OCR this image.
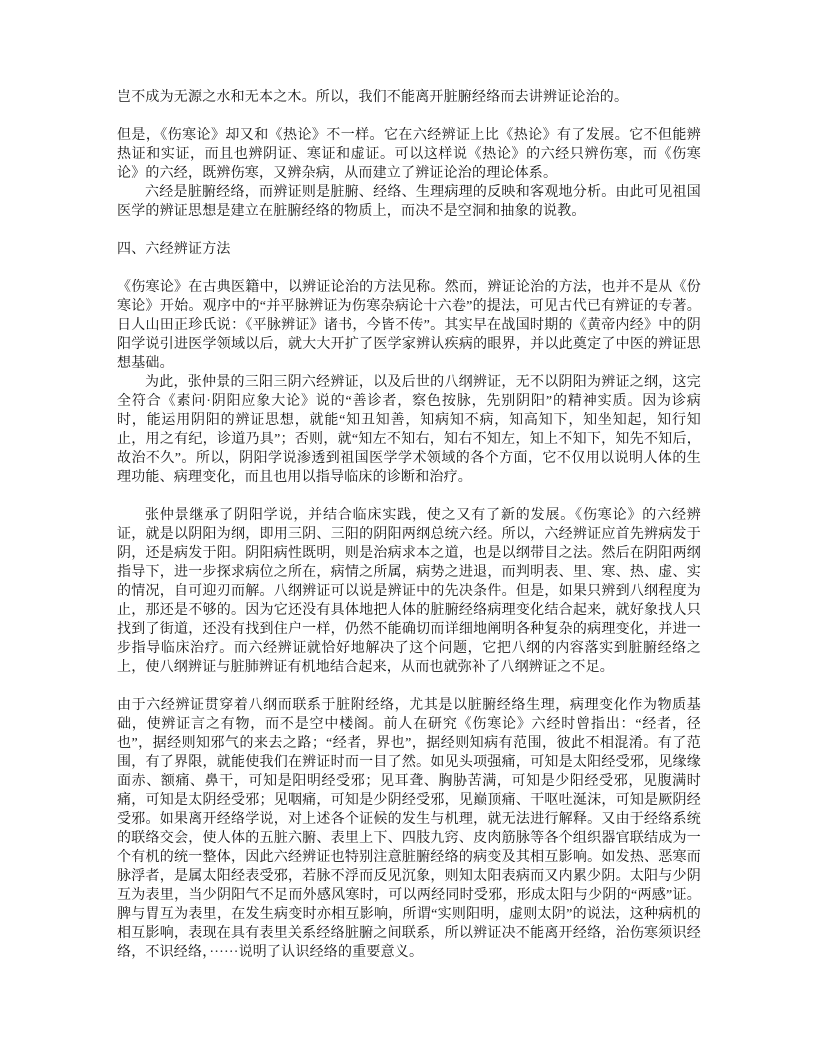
岂不成为无源之水和无本之木。所以，我们不能离开脏腑经络而去讲辨证论治的。

但是，《伤寒论》却又和《热论》不一样。它在六经辨证上比《热论》有了发展。它不但能辨热证和实证，而且也辨阴证、寒证和虚证。可以这样说《热论》的六经只辨伤寒，而《伤寒论》的六经，既辨伤寒，又辨杂病，从而建立了辨证论治的理论体系。

六经是脏腑经络，而辨证则是脏腑、经络、生理病理的反映和客观地分析。由此可见祖国医学的辨证思想是建立在脏腑经络的物质上，而决不是空洞和抽象的说教。

四、六经辨证方法

《伤寒论》在古典医籍中，以辨证论治的方法见称。然而，辨证论治的方法，也并不是从《份寒论》开始。观序中的“并平脉辨证为伤寒杂病论十六卷”的提法，可见古代已有辨证的专著。日人山田正珍氏说：《平脉辨证》诸书，今皆不传”。其实早在战国时期的《黄帝内经》中的阴阳学说引进医学领域以后，就大大开扩了医学家辨认疾病的眼界，并以此奠定了中医的辨证思想基础。

为此，张仲景的三阳三阴六经辨证，以及后世的八纲辨证，无不以阴阳为辨证之纲，这完全符合《素问·阴阳应象大论》说的“善诊者，察色按脉，先别阴阳”的精神实质。因为诊病时，能运用阴阳的辨证思想，就能“知丑知善，知病知不病，知高知下，知坐知起，知行知止，用之有纪，诊道乃具”；否则，就“知左不知右，知右不知左，知上不知下，知先不知后，故治不久”。所以，阴阳学说渗透到祖国医学学术领域的各个方面，它不仅用以说明人体的生理功能、病理变化，而且也用以指导临床的诊断和治疗。

张仲景继承了阴阳学说，并结合临床实践，使之又有了新的发展。《伤寒论》的六经辨证，就是以阴阳为纲，即用三阴、三阳的阴阳两纲总统六经。所以，六经辨证应首先辨病发于阴，还是病发于阳。阴阳病性既明，则是治病求本之道，也是以纲带目之法。然后在阴阳两纲指导下，进一步探求病位之所在，病情之所属，病势之进退，而判明表、里、寒、热、虚、实的情况，自可迎刃而解。八纲辨证可以说是辨证中的先决条件。但是，如果只辨到八纲程度为止，那还是不够的。因为它还没有具体地把人体的脏腑经络病理变化结合起来，就好象找人只找到了街道，还没有找到住户一样，仍然不能确切而详细地阐明各种复杂的病理变化，并进一步指导临床治疗。而六经辨证就恰好地解决了这个问题，它把八纲的内容落实到脏腑经络之上，使八纲辨证与脏肺辨证有机地结合起来，从而也就弥补了八纲辨证之不足。

由于六经辨证贯穿着八纲而联系于脏附经络，尤其是以脏腑经络生理，病理变化作为物质基础，使辨证言之有物，而不是空中楼阁。前人在研究《伤寒论》六经时曾指出：“经者，径也”，据经则知邪气的来去之路；“经者，界也”，据经则知病有范围，彼此不相混淆。有了范围，有了界限，就能使我们在辨证时而一目了然。如见头项强痛，可知是太阳经受邪，见缘缘面赤、额痛、鼻干，可知是阳明经受邪；见耳聋、胸胁苦满，可知是少阳经受邪，见腹满时痛，可知是太阴经受邪；见咽痛，可知是少阴经受邪，见巅顶痛、干呕吐涎沫，可知是厥阴经受邪。如果离开经络学说，对上述各个证候的发生与机理，就无法进行解释。又由于经络系统的联络交会，使人体的五脏六腑、表里上下、四肢九窍、皮肉筋脉等各个组织器官联结成为一个有机的统一整体，因此六经辨证也特别注意脏腑经络的病变及其相互影响。如发热、恶寒而脉浮者，是属太阳经表受邪，若脉不浮而反见沉象，则知太阳表病而又内累少阴。太阳与少阴互为表里，当少阴阳气不足而外感风寒时，可以两经同时受邪，形成太阳与少阴的“两感”证。脾与胃互为表里，在发生病变时亦相互影响，所谓“实则阳明，虚则太阴”的说法，这种病机的相互影响，表现在具有表里关系经络脏腑之间联系，所以辨证决不能离开经络，治伤寒须识经络，不识经络，······说明了认识经络的重要意义。
